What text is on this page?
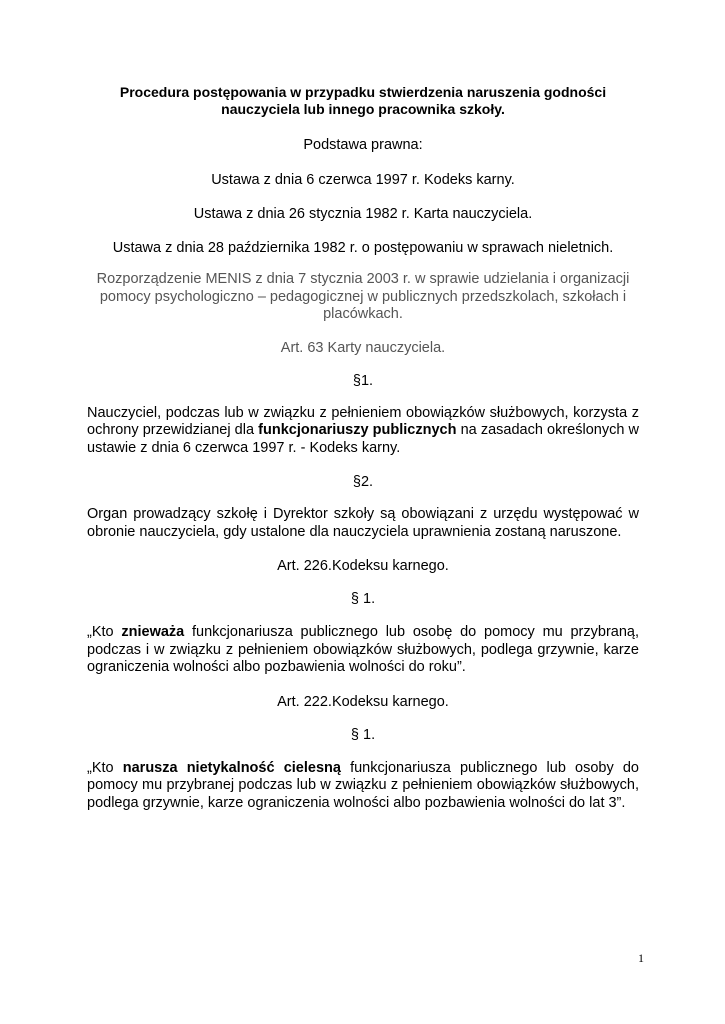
Procedura postępowania w przypadku stwierdzenia naruszenia godności
nauczyciela lub innego pracownika szkoły.

Podstawa prawna:

Ustawa z dnia 6 czerwca 1997 r. Kodeks karny.

Ustawa z dnia 26 stycznia 1982 r. Karta nauczyciela.

Ustawa z dnia 28 października 1982 r. o postępowaniu w sprawach nieletnich.

Rozporządzenie MENIS z dnia 7 stycznia 2003 r. w sprawie udzielania i organizacji pomocy psychologiczno – pedagogicznej w publicznych przedszkolach, szkołach i placówkach.

Art. 63 Karty nauczyciela.

§1.

Nauczyciel, podczas lub w związku z pełnieniem obowiązków służbowych, korzysta z ochrony przewidzianej dla funkcjonariuszy publicznych na zasadach określonych w ustawie z dnia 6 czerwca 1997 r. - Kodeks karny.

§2.

Organ prowadzący szkołę i Dyrektor szkoły są obowiązani z urzędu występować w obronie nauczyciela, gdy ustalone dla nauczyciela uprawnienia zostaną naruszone.

Art. 226.Kodeksu karnego.

§ 1.

„Kto znieważa funkcjonariusza publicznego lub osobę do pomocy mu przybraną, podczas i w związku z pełnieniem obowiązków służbowych, podlega grzywnie, karze ograniczenia wolności albo pozbawienia wolności do roku”.

Art. 222.Kodeksu karnego.

§ 1.

„Kto narusza nietykalność cielesną funkcjonariusza publicznego lub osoby do pomocy mu przybranej podczas lub w związku z pełnieniem obowiązków służbowych, podlega grzywnie, karze ograniczenia wolności albo pozbawienia wolności do lat 3”.

1
